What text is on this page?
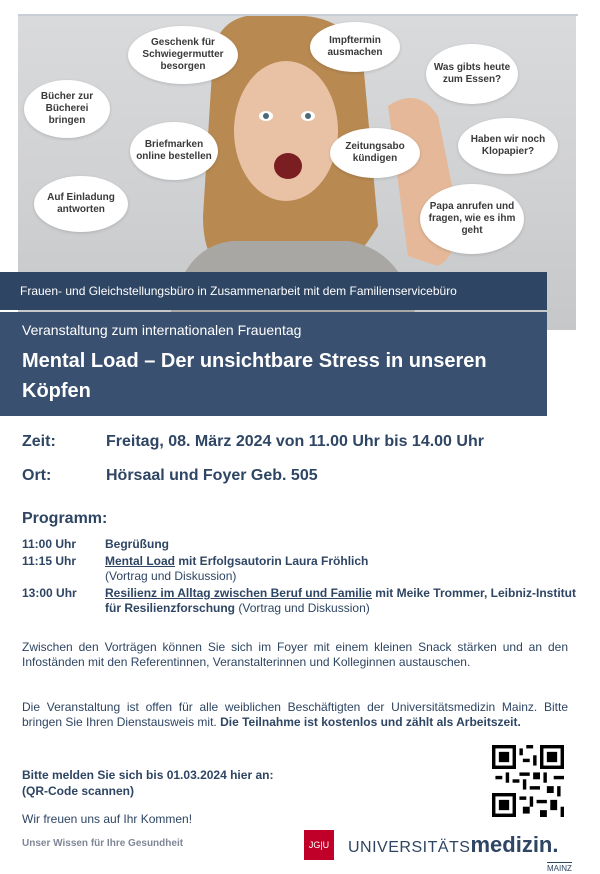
Geschenk für Schwiegermutter besorgen
Impftermin ausmachen
Was gibts heute zum Essen?
Bücher zur Bücherei bringen
Briefmarken online bestellen
Zeitungsabo kündigen
Haben wir noch Klopapier?
Auf Einladung antworten	Papa anrufen und fragen, wie es ihm geht
Frauen- und Gleichstellungsbüro in Zusammenarbeit mit dem Familienservicebüro
Veranstaltung zum internationalen Frauentag
Mental Load – Der unsichtbare Stress in unseren Köpfen
Zeit:	Freitag, 08. März 2024 von 11.00 Uhr bis 14.00 Uhr
Ort:	Hörsaal und Foyer Geb. 505
Programm:
11:00 Uhr	Begrüßung
11:15 Uhr	Mental Load mit Erfolgsautorin Laura Fröhlich
(Vortrag und Diskussion)
13:00 Uhr	Resilienz im Alltag zwischen Beruf und Familie mit Meike Trommer, Leibniz-Institut für Resilienzforschung (Vortrag und Diskussion)
Zwischen den Vorträgen können Sie sich im Foyer mit einem kleinen Snack stärken und an den Infoständen mit den Referentinnen, Veranstalterinnen und Kolleginnen austauschen.
Die Veranstaltung ist offen für alle weiblichen Beschäftigten der Universitätsmedizin Mainz. Bitte bringen Sie Ihren Dienstausweis mit. Die Teilnahme ist kostenlos und zählt als Arbeitszeit.
Bitte melden Sie sich bis 01.03.2024 hier an:
(QR-Code scannen)
Wir freuen uns auf Ihr Kommen!
Unser Wissen für Ihre Gesundheit	JG|U	UNIVERSITÄTSmedizin.
MAINZ
